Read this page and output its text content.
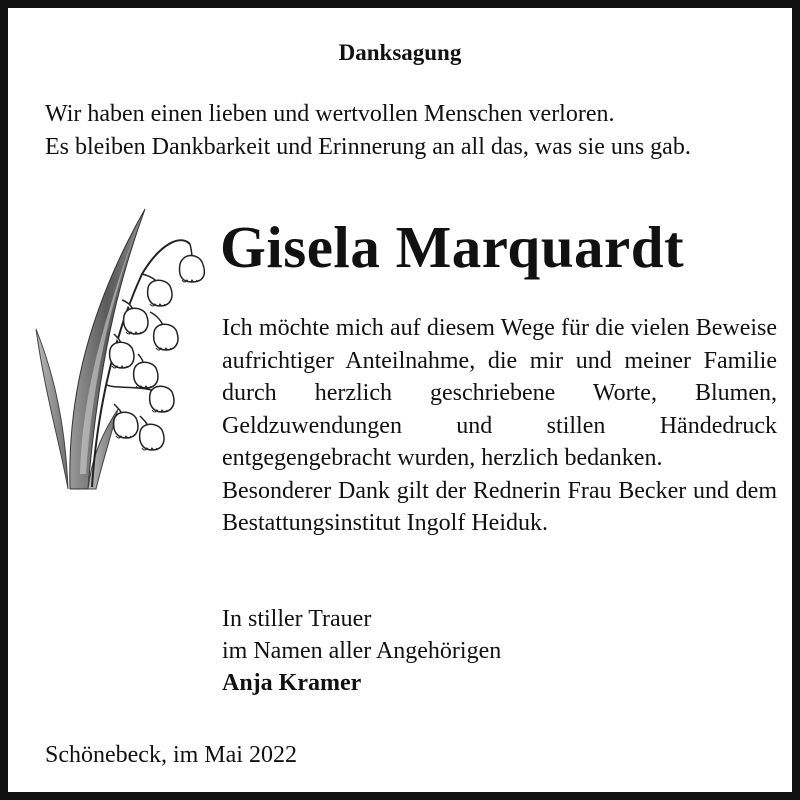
Danksagung
Wir haben einen lieben und wertvollen Menschen verloren.
Es bleiben Dankbarkeit und Erinnerung an all das, was sie uns gab.
Gisela Marquardt

Ich möchte mich auf diesem Wege für die vielen Beweise aufrichtiger Anteilnahme, die mir und meiner Familie durch herzlich geschriebene Worte, Blumen, Geldzuwendungen und stillen Händedruck entgegengebracht wurden, herzlich bedanken.

Besonderer Dank gilt der Rednerin Frau Becker und dem Bestattungsinstitut Ingolf Heiduk.

In stiller Trauer
im Namen aller Angehörigen
Anja Kramer
Schönebeck, im Mai 2022
